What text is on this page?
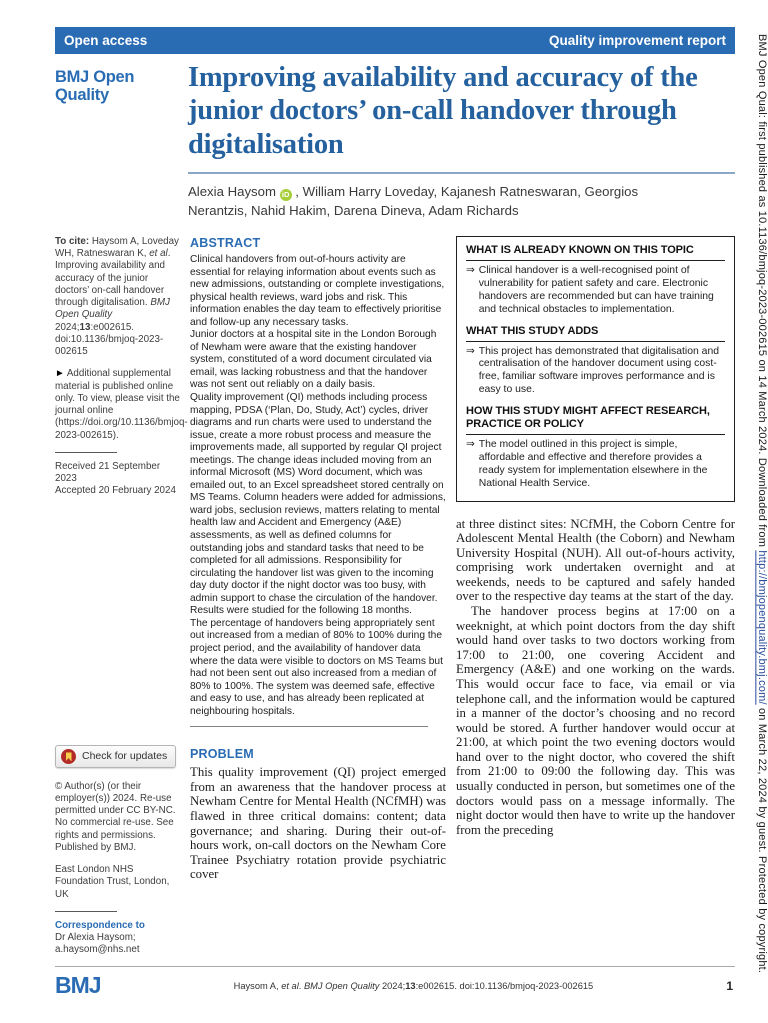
BMJ Open Qual: first published as 10.1136/bmjoq-2023-002615 on 14 March 2024. Downloaded from http://bmjopenquality.bmj.com/ on March 22, 2024 by guest. Protected by copyright.
Open access	Quality improvement report
BMJ Open Quality
Improving availability and accuracy of the junior doctors’ on-call handover through digitalisation
Alexia Haysom iD , William Harry Loveday, Kajanesh Ratneswaran, Georgios Nerantzis, Nahid Hakim, Darena Dineva, Adam Richards

To cite: Haysom A, Loveday WH, Ratneswaran K, et al. Improving availability and accuracy of the junior doctors’ on-call handover through digitalisation. BMJ Open Quality 2024;13:e002615. doi:10.1136/bmjoq-2023-002615

► Additional supplemental material is published online only. To view, please visit the journal online (https://doi.org/10.1136/bmjoq-2023-002615).

Received 21 September 2023
Accepted 20 February 2024

Check for updates

© Author(s) (or their employer(s)) 2024. Re-use permitted under CC BY-NC. No commercial re-use. See rights and permissions. Published by BMJ.

East London NHS Foundation Trust, London, UK

Correspondence to
Dr Alexia Haysom;
a.haysom@nhs.net

ABSTRACT

Clinical handovers from out-of-hours activity are essential for relaying information about events such as new admissions, outstanding or complete investigations, physical health reviews, ward jobs and risk. This information enables the day team to effectively prioritise and follow-up any necessary tasks.

Junior doctors at a hospital site in the London Borough of Newham were aware that the existing handover system, constituted of a word document circulated via email, was lacking robustness and that the handover was not sent out reliably on a daily basis.

Quality improvement (QI) methods including process mapping, PDSA (‘Plan, Do, Study, Act’) cycles, driver diagrams and run charts were used to understand the issue, create a more robust process and measure the improvements made, all supported by regular QI project meetings. The change ideas included moving from an informal Microsoft (MS) Word document, which was emailed out, to an Excel spreadsheet stored centrally on MS Teams. Column headers were added for admissions, ward jobs, seclusion reviews, matters relating to mental health law and Accident and Emergency (A&E) assessments, as well as defined columns for outstanding jobs and standard tasks that need to be completed for all admissions. Responsibility for circulating the handover list was given to the incoming day duty doctor if the night doctor was too busy, with admin support to chase the circulation of the handover. Results were studied for the following 18 months.

The percentage of handovers being appropriately sent out increased from a median of 80% to 100% during the project period, and the availability of handover data where the data were visible to doctors on MS Teams but had not been sent out also increased from a median of 80% to 100%. The system was deemed safe, effective and easy to use, and has already been replicated at neighbouring hospitals.

PROBLEM

This quality improvement (QI) project emerged from an awareness that the handover process at Newham Centre for Mental Health (NCfMH) was flawed in three critical domains: content; data governance; and sharing. During their out-of-hours work, on-call doctors on the Newham Core Trainee Psychiatry rotation provide psychiatric cover

WHAT IS ALREADY KNOWN ON THIS TOPIC
⇒ Clinical handover is a well-recognised point of vulnerability for patient safety and care. Electronic handovers are recommended but can have training and technical obstacles to implementation.
WHAT THIS STUDY ADDS
⇒ This project has demonstrated that digitalisation and centralisation of the handover document using cost-free, familiar software improves performance and is easy to use.
HOW THIS STUDY MIGHT AFFECT RESEARCH, PRACTICE OR POLICY
⇒ The model outlined in this project is simple, affordable and effective and therefore provides a ready system for implementation elsewhere in the National Health Service.

at three distinct sites: NCfMH, the Coborn Centre for Adolescent Mental Health (the Coborn) and Newham University Hospital (NUH). All out-of-hours activity, comprising work undertaken overnight and at weekends, needs to be captured and safely handed over to the respective day teams at the start of the day.

The handover process begins at 17:00 on a weeknight, at which point doctors from the day shift would hand over tasks to two doctors working from 17:00 to 21:00, one covering Accident and Emergency (A&E) and one working on the wards. This would occur face to face, via email or via telephone call, and the information would be captured in a manner of the doctor’s choosing and no record would be stored. A further handover would occur at 21:00, at which point the two evening doctors would hand over to the night doctor, who covered the shift from 21:00 to 09:00 the following day. This was usually conducted in person, but sometimes one of the doctors would pass on a message informally. The night doctor would then have to write up the handover from the preceding

BMJ	Haysom A, et al. BMJ Open Quality 2024;13:e002615. doi:10.1136/bmjoq-2023-002615	1
